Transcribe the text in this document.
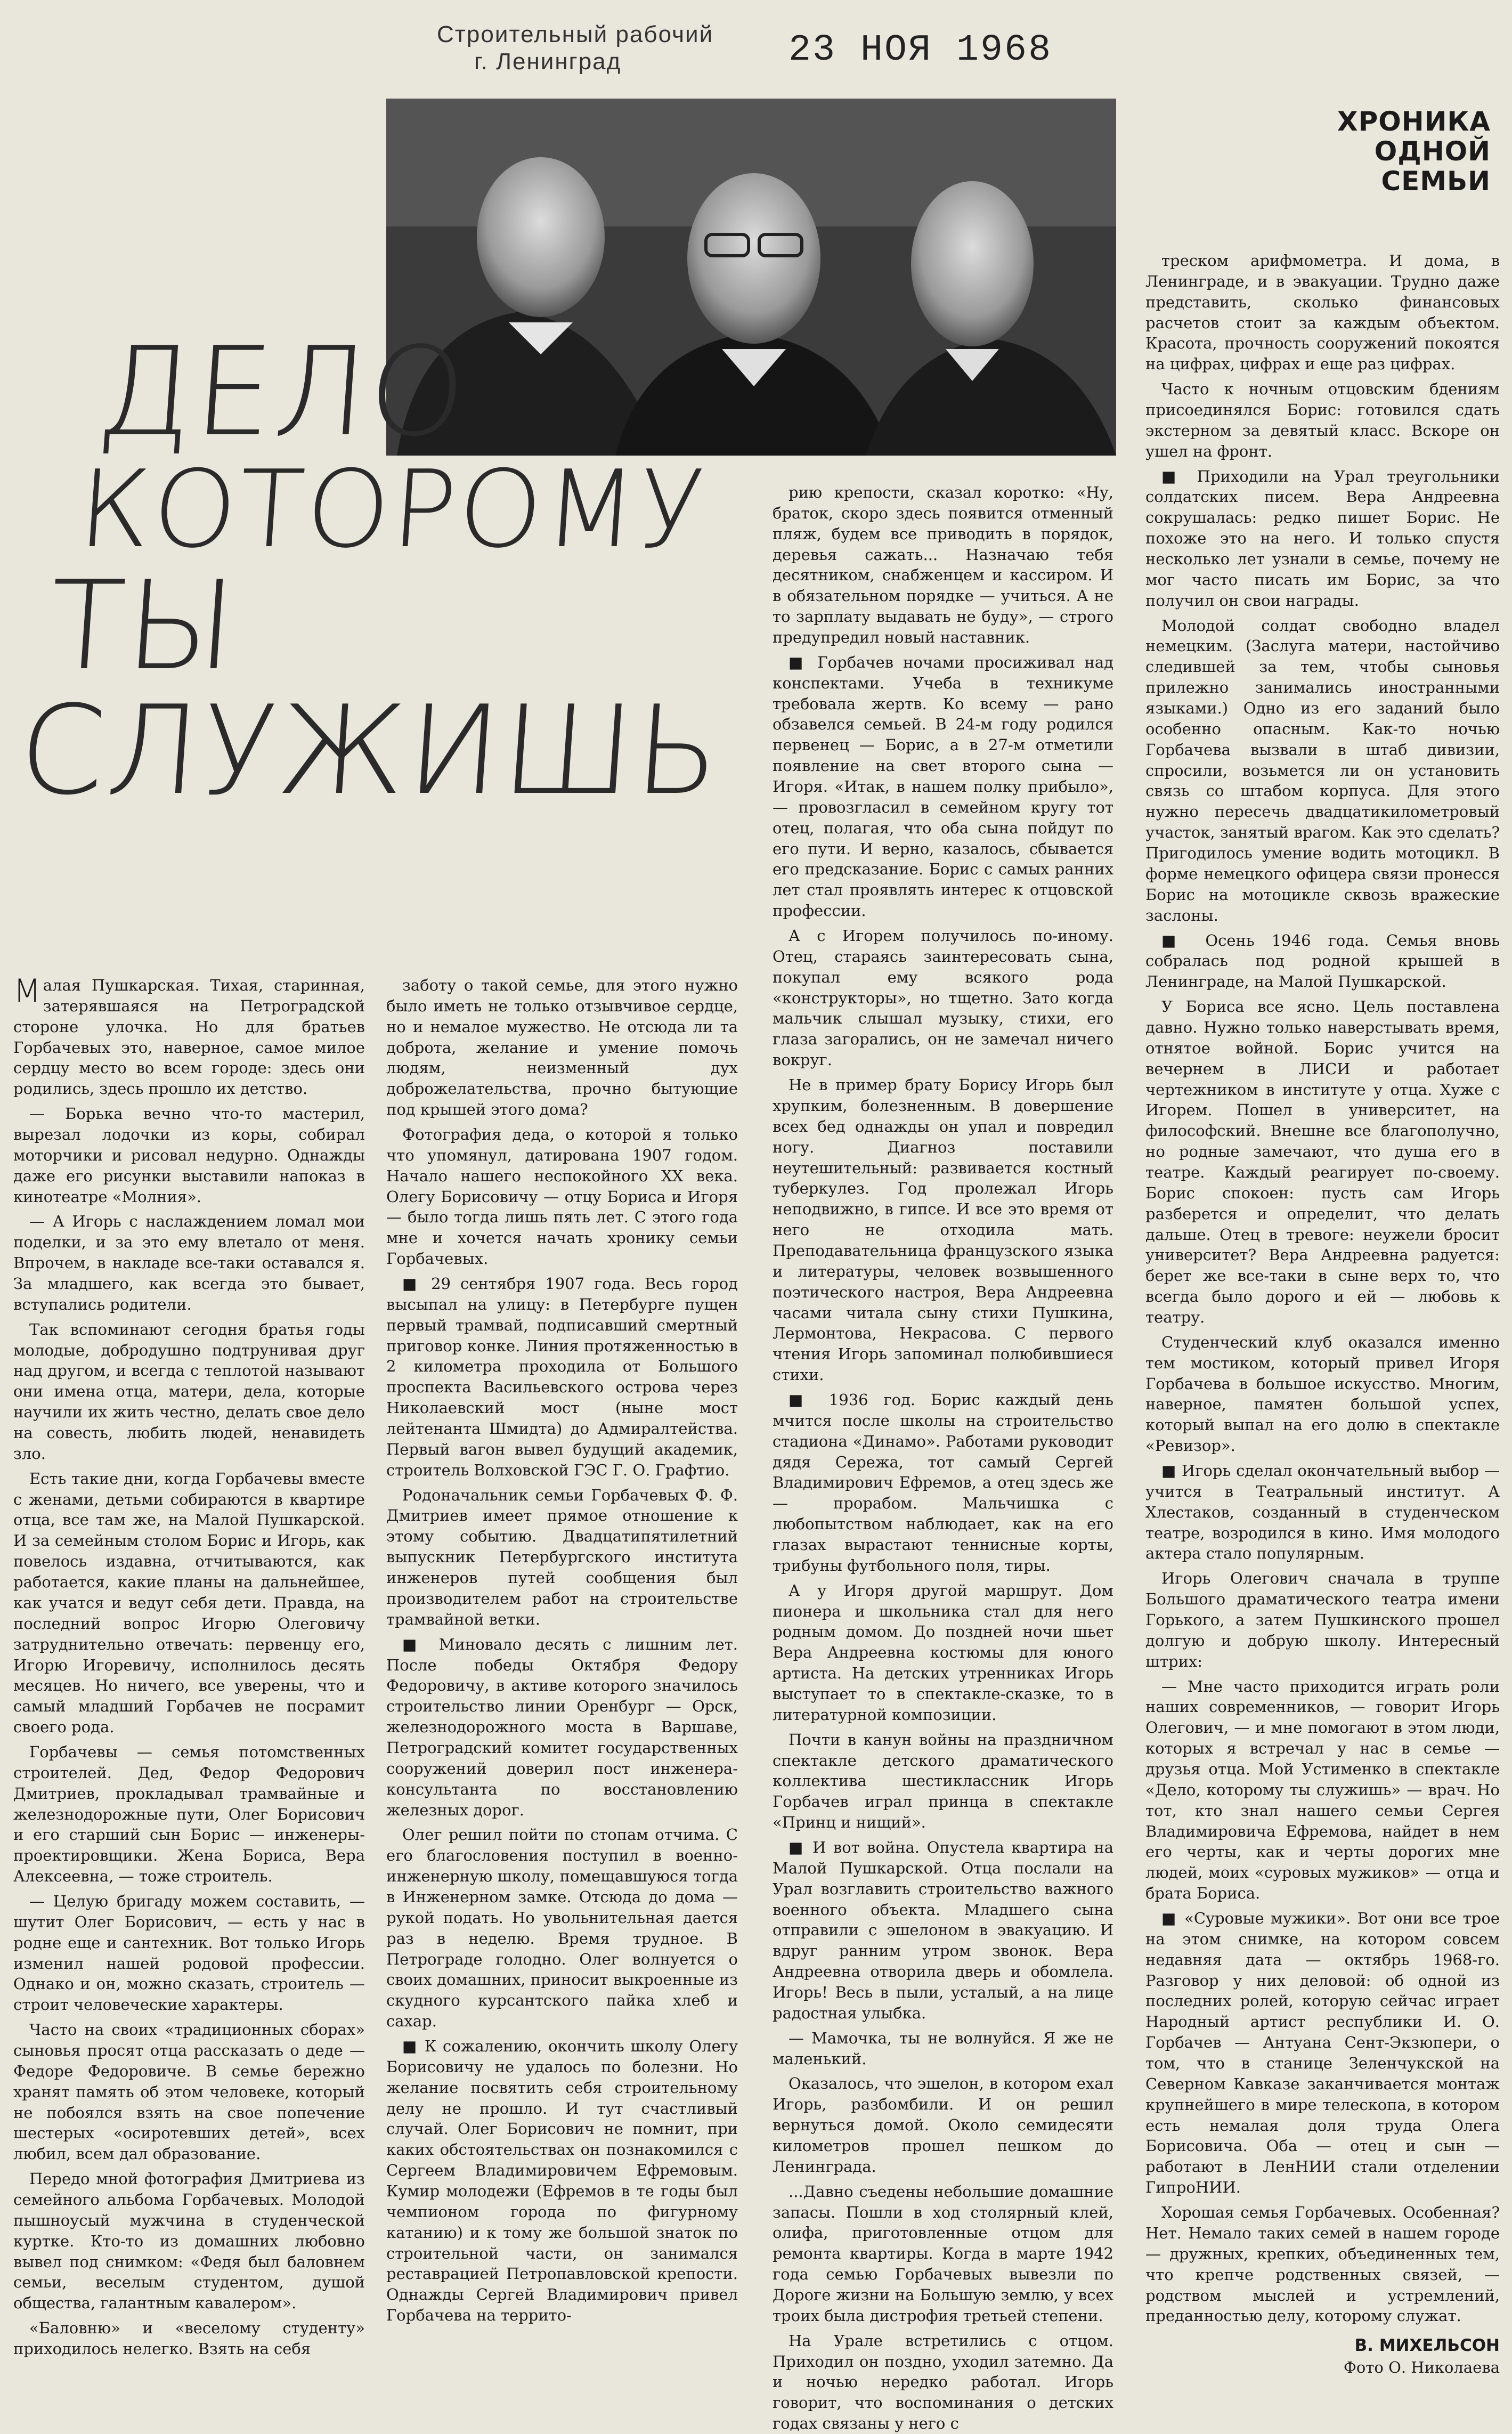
Строительный рабочий
г. Ленинград	23 НОЯ 1968
ХРОНИКА
ОДНОЙ
СЕМЬИ
ДЕЛО
КОТОРОМУ
ТЫ
СЛУЖИШЬ

Малая Пушкарская. Тихая, старинная, затерявшаяся на Петроградской стороне улочка. Но для братьев Горбачевых это, наверное, самое милое сердцу место во всем городе: здесь они родились, здесь прошло их детство.

— Борька вечно что-то мастерил, вырезал лодочки из коры, собирал моторчики и рисовал недурно. Однажды даже его рисунки выставили напоказ в кинотеатре «Молния».

— А Игорь с наслаждением ломал мои поделки, и за это ему влетало от меня. Впрочем, в накладе все-таки оставался я. За младшего, как всегда это бывает, вступались родители.

Так вспоминают сегодня братья годы молодые, добродушно подтрунивая друг над другом, и всегда с теплотой называют они имена отца, матери, дела, которые научили их жить честно, делать свое дело на совесть, любить людей, ненавидеть зло.

Есть такие дни, когда Горбачевы вместе с женами, детьми собираются в квартире отца, все там же, на Малой Пушкарской. И за семейным столом Борис и Игорь, как повелось издавна, отчитываются, как работается, какие планы на дальнейшее, как учатся и ведут себя дети. Правда, на последний вопрос Игорю Олеговичу затруднительно отвечать: первенцу его, Игорю Игоревичу, исполнилось десять месяцев. Но ничего, все уверены, что и самый младший Горбачев не посрамит своего рода.

Горбачевы — семья потомственных строителей. Дед, Федор Федорович Дмитриев, прокладывал трамвайные и железнодорожные пути, Олег Борисович и его старший сын Борис — инженеры-проектировщики. Жена Бориса, Вера Алексеевна, — тоже строитель.

— Целую бригаду можем составить, — шутит Олег Борисович, — есть у нас в родне еще и сантехник. Вот только Игорь изменил нашей родовой профессии. Однако и он, можно сказать, строитель — строит человеческие характеры.

Часто на своих «традиционных сборах» сыновья просят отца рассказать о деде — Федоре Федоровиче. В семье бережно хранят память об этом человеке, который не побоялся взять на свое попечение шестерых «осиротевших детей», всех любил, всем дал образование.

Передо мной фотография Дмитриева из семейного альбома Горбачевых. Молодой пышноусый мужчина в студенческой куртке. Кто-то из домашних любовно вывел под снимком: «Федя был баловнем семьи, веселым студентом, душой общества, галантным кавалером».

«Баловню» и «веселому студенту» приходилось нелегко. Взять на себя

заботу о такой семье, для этого нужно было иметь не только отзывчивое сердце, но и немалое мужество. Не отсюда ли та доброта, желание и умение помочь людям, неизменный дух доброжелательства, прочно бытующие под крышей этого дома?

Фотография деда, о которой я только что упомянул, датирована 1907 годом. Начало нашего неспокойного XX века. Олегу Борисовичу — отцу Бориса и Игоря — было тогда лишь пять лет. С этого года мне и хочется начать хронику семьи Горбачевых.

■ 29 сентября 1907 года. Весь город высыпал на улицу: в Петербурге пущен первый трамвай, подписавший смертный приговор конке. Линия протяженностью в 2 километра проходила от Большого проспекта Васильевского острова через Николаевский мост (ныне мост лейтенанта Шмидта) до Адмиралтейства. Первый вагон вывел будущий академик, строитель Волховской ГЭС Г. О. Графтио.

Родоначальник семьи Горбачевых Ф. Ф. Дмитриев имеет прямое отношение к этому событию. Двадцатипятилетний выпускник Петербургского института инженеров путей сообщения был производителем работ на строительстве трамвайной ветки.

■ Миновало десять с лишним лет. После победы Октября Федору Федоровичу, в активе которого значилось строительство линии Оренбург — Орск, железнодорожного моста в Варшаве, Петроградский комитет государственных сооружений доверил пост инженера-консультанта по восстановлению железных дорог.

Олег решил пойти по стопам отчима. С его благословения поступил в военно-инженерную школу, помещавшуюся тогда в Инженерном замке. Отсюда до дома — рукой подать. Но увольнительная дается раз в неделю. Время трудное. В Петрограде голодно. Олег волнуется о своих домашних, приносит выкроенные из скудного курсантского пайка хлеб и сахар.

■ К сожалению, окончить школу Олегу Борисовичу не удалось по болезни. Но желание посвятить себя строительному делу не прошло. И тут счастливый случай. Олег Борисович не помнит, при каких обстоятельствах он познакомился с Сергеем Владимировичем Ефремовым. Кумир молодежи (Ефремов в те годы был чемпионом города по фигурному катанию) и к тому же большой знаток по строительной части, он занимался реставрацией Петропавловской крепости. Однажды Сергей Владимирович привел Горбачева на террито-

рию крепости, сказал коротко: «Ну, браток, скоро здесь появится отменный пляж, будем все приводить в порядок, деревья сажать... Назначаю тебя десятником, снабженцем и кассиром. И в обязательном порядке — учиться. А не то зарплату выдавать не буду», — строго предупредил новый наставник.

■ Горбачев ночами просиживал над конспектами. Учеба в техникуме требовала жертв. Ко всему — рано обзавелся семьей. В 24-м году родился первенец — Борис, а в 27-м отметили появление на свет второго сына — Игоря. «Итак, в нашем полку прибыло», — провозгласил в семейном кругу тот отец, полагая, что оба сына пойдут по его пути. И верно, казалось, сбывается его предсказание. Борис с самых ранних лет стал проявлять интерес к отцовской профессии.

А с Игорем получилось по-иному. Отец, стараясь заинтересовать сына, покупал ему всякого рода «конструкторы», но тщетно. Зато когда мальчик слышал музыку, стихи, его глаза загорались, он не замечал ничего вокруг.

Не в пример брату Борису Игорь был хрупким, болезненным. В довершение всех бед однажды он упал и повредил ногу. Диагноз поставили неутешительный: развивается костный туберкулез. Год пролежал Игорь неподвижно, в гипсе. И все это время от него не отходила мать. Преподавательница французского языка и литературы, человек возвышенного поэтического настроя, Вера Андреевна часами читала сыну стихи Пушкина, Лермонтова, Некрасова. С первого чтения Игорь запоминал полюбившиеся стихи.

■ 1936 год. Борис каждый день мчится после школы на строительство стадиона «Динамо». Работами руководит дядя Сережа, тот самый Сергей Владимирович Ефремов, а отец здесь же — прорабом. Мальчишка с любопытством наблюдает, как на его глазах вырастают теннисные корты, трибуны футбольного поля, тиры.

А у Игоря другой маршрут. Дом пионера и школьника стал для него родным домом. До поздней ночи шьет Вера Андреевна костюмы для юного артиста. На детских утренниках Игорь выступает то в спектакле-сказке, то в литературной композиции.

Почти в канун войны на праздничном спектакле детского драматического коллектива шестиклассник Игорь Горбачев играл принца в спектакле «Принц и нищий».

■ И вот война. Опустела квартира на Малой Пушкарской. Отца послали на Урал возглавить строительство важного военного объекта. Младшего сына отправили с эшелоном в эвакуацию. И вдруг ранним утром звонок. Вера Андреевна отворила дверь и обомлела. Игорь! Весь в пыли, усталый, а на лице радостная улыбка.

— Мамочка, ты не волнуйся. Я же не маленький.

Оказалось, что эшелон, в котором ехал Игорь, разбомбили. И он решил вернуться домой. Около семидесяти километров прошел пешком до Ленинграда.

...Давно съедены небольшие домашние запасы. Пошли в ход столярный клей, олифа, приготовленные отцом для ремонта квартиры. Когда в марте 1942 года семью Горбачевых вывезли по Дороге жизни на Большую землю, у всех троих была дистрофия третьей степени.

На Урале встретились с отцом. Приходил он поздно, уходил затемно. Да и ночью нередко работал. Игорь говорит, что воспоминания о детских годах связаны у него с

треском арифмометра. И дома, в Ленинграде, и в эвакуации. Трудно даже представить, сколько финансовых расчетов стоит за каждым объектом. Красота, прочность сооружений покоятся на цифрах, цифрах и еще раз цифрах.

Часто к ночным отцовским бдениям присоединялся Борис: готовился сдать экстерном за девятый класс. Вскоре он ушел на фронт.

■ Приходили на Урал треугольники солдатских писем. Вера Андреевна сокрушалась: редко пишет Борис. Не похоже это на него. И только спустя несколько лет узнали в семье, почему не мог часто писать им Борис, за что получил он свои награды.

Молодой солдат свободно владел немецким. (Заслуга матери, настойчиво следившей за тем, чтобы сыновья прилежно занимались иностранными языками.) Одно из его заданий было особенно опасным. Как-то ночью Горбачева вызвали в штаб дивизии, спросили, возьмется ли он установить связь со штабом корпуса. Для этого нужно пересечь двадцатикилометровый участок, занятый врагом. Как это сделать? Пригодилось умение водить мотоцикл. В форме немецкого офицера связи пронесся Борис на мотоцикле сквозь вражеские заслоны.

■ Осень 1946 года. Семья вновь собралась под родной крышей в Ленинграде, на Малой Пушкарской.

У Бориса все ясно. Цель поставлена давно. Нужно только наверстывать время, отнятое войной. Борис учится на вечернем в ЛИСИ и работает чертежником в институте у отца. Хуже с Игорем. Пошел в университет, на философский. Внешне все благополучно, но родные замечают, что душа его в театре. Каждый реагирует по-своему. Борис спокоен: пусть сам Игорь разберется и определит, что делать дальше. Отец в тревоге: неужели бросит университет? Вера Андреевна радуется: берет же все-таки в сыне верх то, что всегда было дорого и ей — любовь к театру.

Студенческий клуб оказался именно тем мостиком, который привел Игоря Горбачева в большое искусство. Многим, наверное, памятен большой успех, который выпал на его долю в спектакле «Ревизор».

■ Игорь сделал окончательный выбор — учится в Театральный институт. А Хлестаков, созданный в студенческом театре, возродился в кино. Имя молодого актера стало популярным.

Игорь Олегович сначала в труппе Большого драматического театра имени Горького, а затем Пушкинского прошел долгую и добрую школу. Интересный штрих:

— Мне часто приходится играть роли наших современников, — говорит Игорь Олегович, — и мне помогают в этом люди, которых я встречал у нас в семье — друзья отца. Мой Устименко в спектакле «Дело, которому ты служишь» — врач. Но тот, кто знал нашего семьи Сергея Владимировича Ефремова, найдет в нем его черты, как и черты дорогих мне людей, моих «суровых мужиков» — отца и брата Бориса.

■ «Суровые мужики». Вот они все трое на этом снимке, на котором совсем недавняя дата — октябрь 1968-го. Разговор у них деловой: об одной из последних ролей, которую сейчас играет Народный артист республики И. О. Горбачев — Антуана Сент-Экзюпери, о том, что в станице Зеленчукской на Северном Кавказе заканчивается монтаж крупнейшего в мире телескопа, в котором есть немалая доля труда Олега Борисовича. Оба — отец и сын — работают в ЛенНИИ стали отделении ГипроНИИ.

Хорошая семья Горбачевых. Особенная? Нет. Немало таких семей в нашем городе — дружных, крепких, объединенных тем, что крепче родственных связей, — родством мыслей и устремлений, преданностью делу, которому служат.

В. МИХЕЛЬСОН
Фото О. Николаева
